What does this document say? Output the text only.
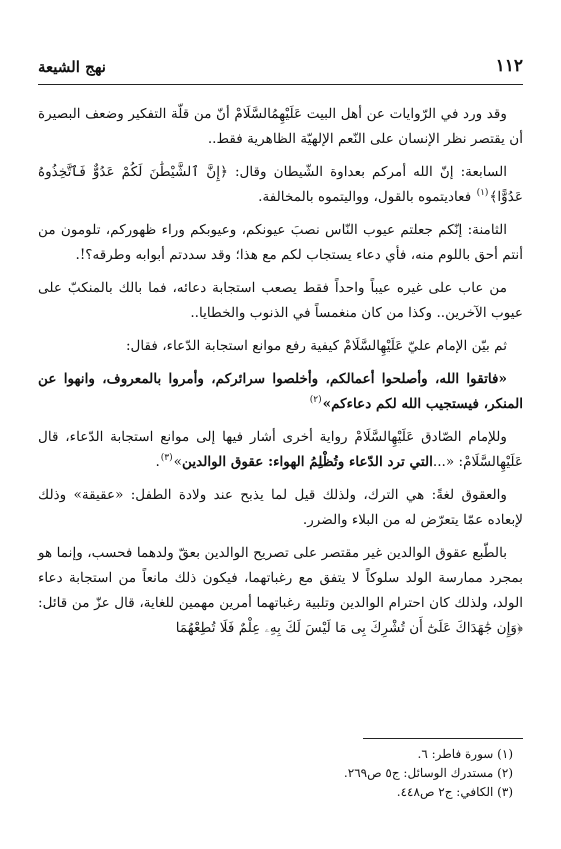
١١٢
نهج الشيعة

وقد ورد في الرّوايات عن أهل البيت عَلَيْهِمُالسَّلَامْ أنّ من قلّة التفكير وضعف البصيرة أن يقتصر نظر الإنسان على النّعم الإلهيّة الظاهرية فقط..

السابعة: إنّ الله أمركم بعداوة الشّيطان وقال: ﴿إِنَّ ٱلشَّيْطَٰنَ لَكُمْ عَدُوٌّ فَٱتَّخِذُوهُ عَدُوًّا﴾$^{(١)}$ فعاديتموه بالقول، وواليتموه بالمخالفة.

الثامنة: إنّكم جعلتم عيوب النّاس نصبَ عيونكم، وعيوبكم وراء ظهوركم، تلومون من أنتم أحق باللوم منه، فأي دعاء يستجاب لكم مع هذا؛ وقد سددتم أبوابه وطرقه؟!.

من عاب على غيره عيباً واحداً فقط يصعب استجابة دعائه، فما بالك بالمنكبّ على عيوب الآخرين.. وكذا من كان منغمساً في الذنوب والخطايا..

ثم بيّن الإمام عليّ عَلَيْهِالسَّلَامْ كيفية رفع موانع استجابة الدّعاء، فقال:

«فاتقوا الله، وأصلحوا أعمالكم، وأخلصوا سرائركم، وأمروا بالمعروف، وانهوا عن المنكر، فيستجيب الله لكم دعاءكم»$^{(٢)}$

وللإمام الصّادق عَلَيْهِالسَّلَامْ رواية أخرى أشار فيها إلى موانع استجابة الدّعاء، قال عَلَيْهِالسَّلَامْ: «...التي ترد الدّعاء وتُظْلِمُ الهواء: عقوق الوالدين»$^{(٣)}$.

والعقوق لغةً: هي الترك، ولذلك قيل لما يذبح عند ولادة الطفل: «عقيقة» وذلك لإبعاده عمّا يتعرّض له من البلاء والضرر.

بالطّبع عقوق الوالدين غير مقتصر على تصريح الوالدين بعقّ ولدهما فحسب، وإنما هو بمجرد ممارسة الولد سلوكاً لا يتفق مع رغباتهما، فيكون ذلك مانعاً من استجابة دعاء الولد، ولذلك كان احترام الوالدين وتلبية رغباتهما أمرين مهمين للغاية، قال عزّ من قائل: ﴿وَإِن جَٰهَدَاكَ عَلَىٰٓ أَن تُشْرِكَ بِى مَا لَيْسَ لَكَ بِهِۦ عِلْمٌ فَلَا تُطِعْهُمَا

(١) سورة فاطر: ٦.
(٢) مستدرك الوسائل: ج٥ ص٢٦٩.
(٣) الكافي: ج٢ ص٤٤٨.
